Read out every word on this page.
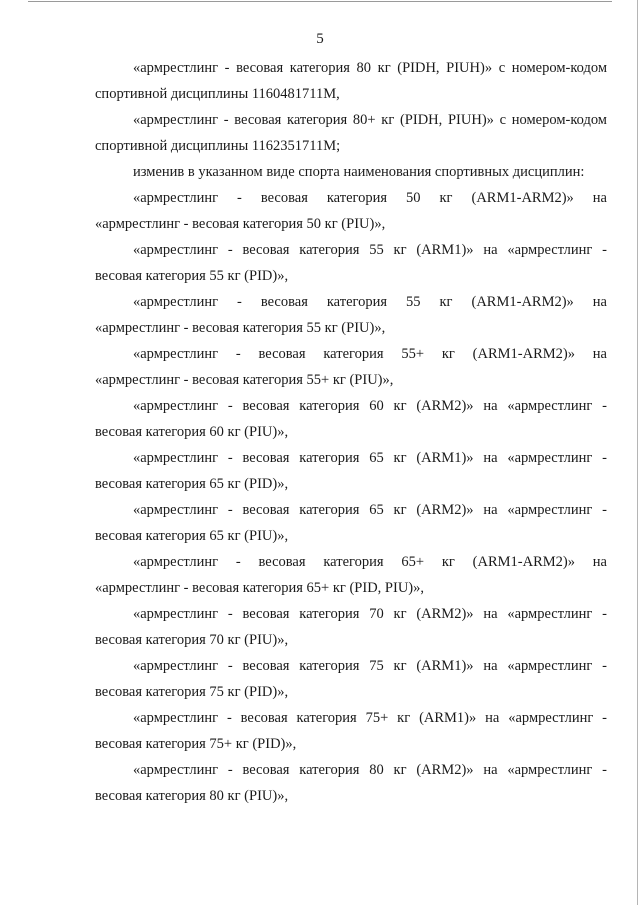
5
«армрестлинг - весовая категория 80 кг (PIDH, PIUH)» с номером-кодом
спортивной дисциплины 1160481711М,
«армрестлинг - весовая категория 80+ кг (PIDH, PIUH)» с номером-кодом
спортивной дисциплины 1162351711М;
изменив в указанном виде спорта наименования спортивных дисциплин:
«армрестлинг - весовая категория 50 кг (ARM1-ARM2)» на
«армрестлинг - весовая категория 50 кг (PIU)»,
«армрестлинг - весовая категория 55 кг (ARM1)» на «армрестлинг -
весовая категория 55 кг (PID)»,
«армрестлинг - весовая категория 55 кг (ARM1-ARM2)» на
«армрестлинг - весовая категория 55 кг (PIU)»,
«армрестлинг - весовая категория 55+ кг (ARM1-ARM2)» на
«армрестлинг - весовая категория 55+ кг (PIU)»,
«армрестлинг - весовая категория 60 кг (ARM2)» на «армрестлинг -
весовая категория 60 кг (PIU)»,
«армрестлинг - весовая категория 65 кг (ARM1)» на «армрестлинг -
весовая категория 65 кг (PID)»,
«армрестлинг - весовая категория 65 кг (ARM2)» на «армрестлинг -
весовая категория 65 кг (PIU)»,
«армрестлинг - весовая категория 65+ кг (ARM1-ARM2)» на
«армрестлинг - весовая категория 65+ кг (PID, PIU)»,
«армрестлинг - весовая категория 70 кг (ARM2)» на «армрестлинг -
весовая категория 70 кг (PIU)»,
«армрестлинг - весовая категория 75 кг (ARM1)» на «армрестлинг -
весовая категория 75 кг (PID)»,
«армрестлинг - весовая категория 75+ кг (ARM1)» на «армрестлинг -
весовая категория 75+ кг (PID)»,
«армрестлинг - весовая категория 80 кг (ARM2)» на «армрестлинг -
весовая категория 80 кг (PIU)»,
